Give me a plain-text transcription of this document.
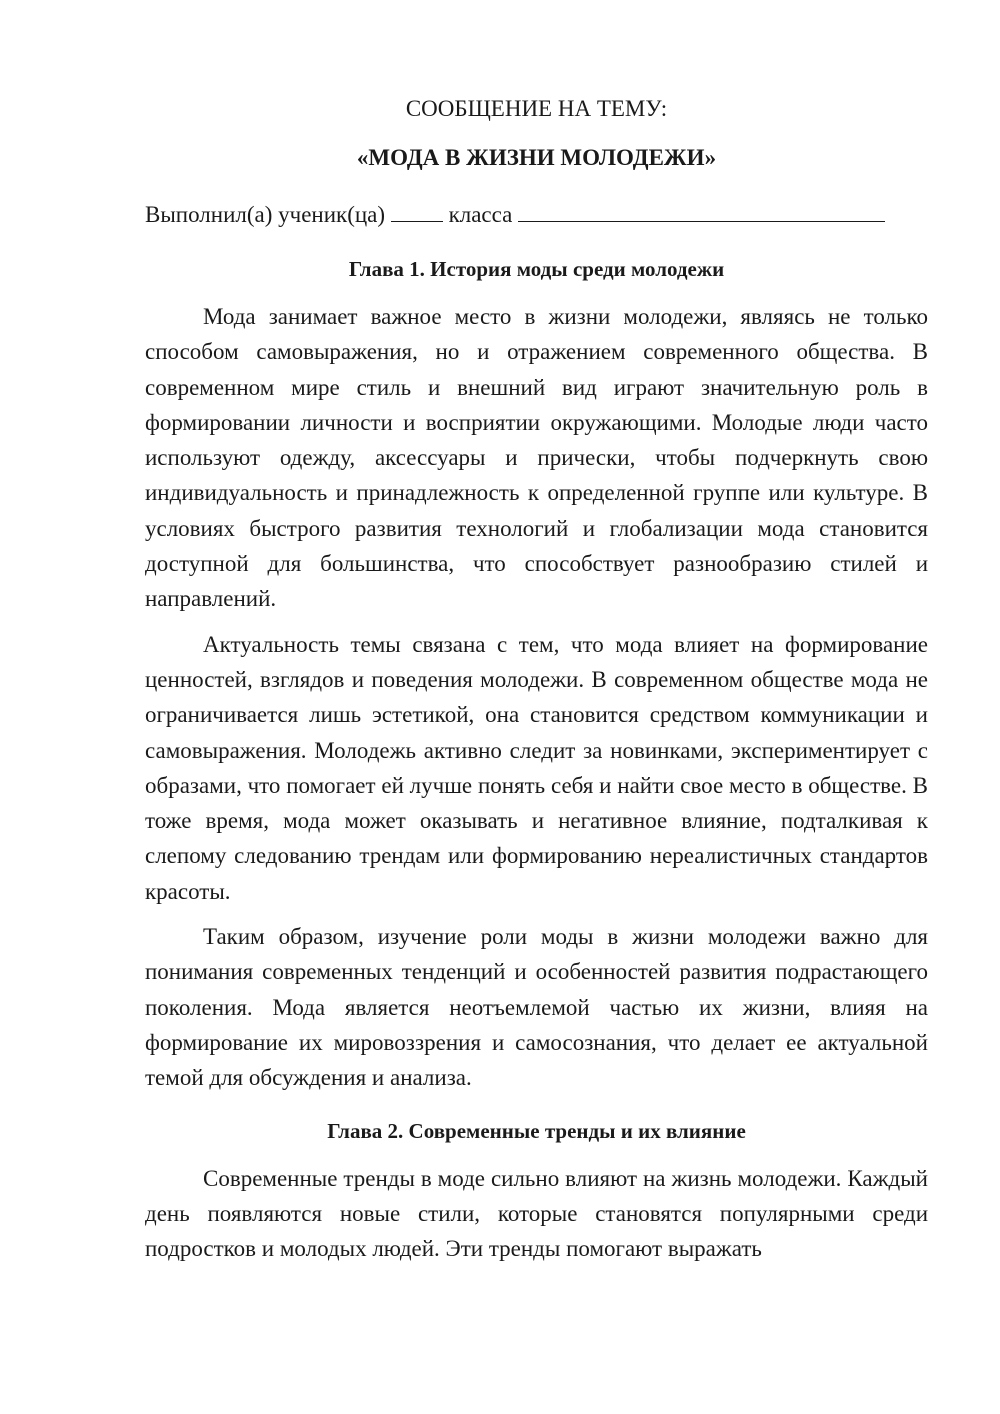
СООБЩЕНИЕ НА ТЕМУ:

«МОДА В ЖИЗНИ МОЛОДЕЖИ»

Выполнил(а) ученик(ца)  класса

Глава 1. История моды среди молодежи

Мода занимает важное место в жизни молодежи, являясь не только способом самовыражения, но и отражением современного общества. В современном мире стиль и внешний вид играют значительную роль в формировании личности и восприятии окружающими. Молодые люди часто используют одежду, аксессуары и прически, чтобы подчеркнуть свою индивидуальность и принадлежность к определенной группе или культуре. В условиях быстрого развития технологий и глобализации мода становится доступной для большинства, что способствует разнообразию стилей и направлений.

Актуальность темы связана с тем, что мода влияет на формирование ценностей, взглядов и поведения молодежи. В современном обществе мода не ограничивается лишь эстетикой, она становится средством коммуникации и самовыражения. Молодежь активно следит за новинками, экспериментирует с образами, что помогает ей лучше понять себя и найти свое место в обществе. В тоже время, мода может оказывать и негативное влияние, подталкивая к слепому следованию трендам или формированию нереалистичных стандартов красоты.

Таким образом, изучение роли моды в жизни молодежи важно для понимания современных тенденций и особенностей развития подрастающего поколения. Мода является неотъемлемой частью их жизни, влияя на формирование их мировоззрения и самосознания, что делает ее актуальной темой для обсуждения и анализа.

Глава 2. Современные тренды и их влияние

Современные тренды в моде сильно влияют на жизнь молодежи. Каждый день появляются новые стили, которые становятся популярными среди подростков и молодых людей. Эти тренды помогают выражать
